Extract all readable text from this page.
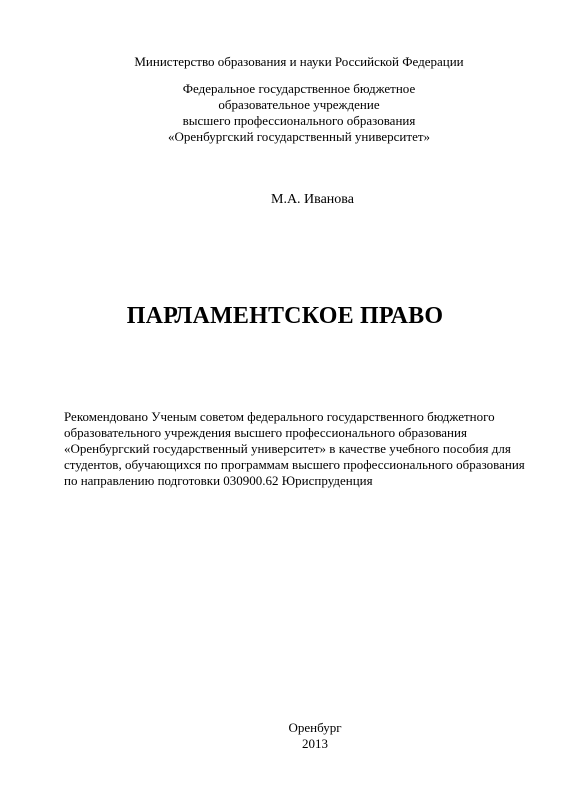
Министерство образования и науки Российской Федерации
Федеральное государственное бюджетное
образовательное учреждение
высшего профессионального образования
«Оренбургский государственный университет»
М.А. Иванова
ПАРЛАМЕНТСКОЕ ПРАВО
Рекомендовано Ученым советом федерального государственного бюджетного
образовательного учреждения высшего профессионального образования
«Оренбургский государственный университет» в качестве учебного пособия для
студентов, обучающихся по программам высшего профессионального образования
по направлению подготовки 030900.62 Юриспруденция
Оренбург
2013
